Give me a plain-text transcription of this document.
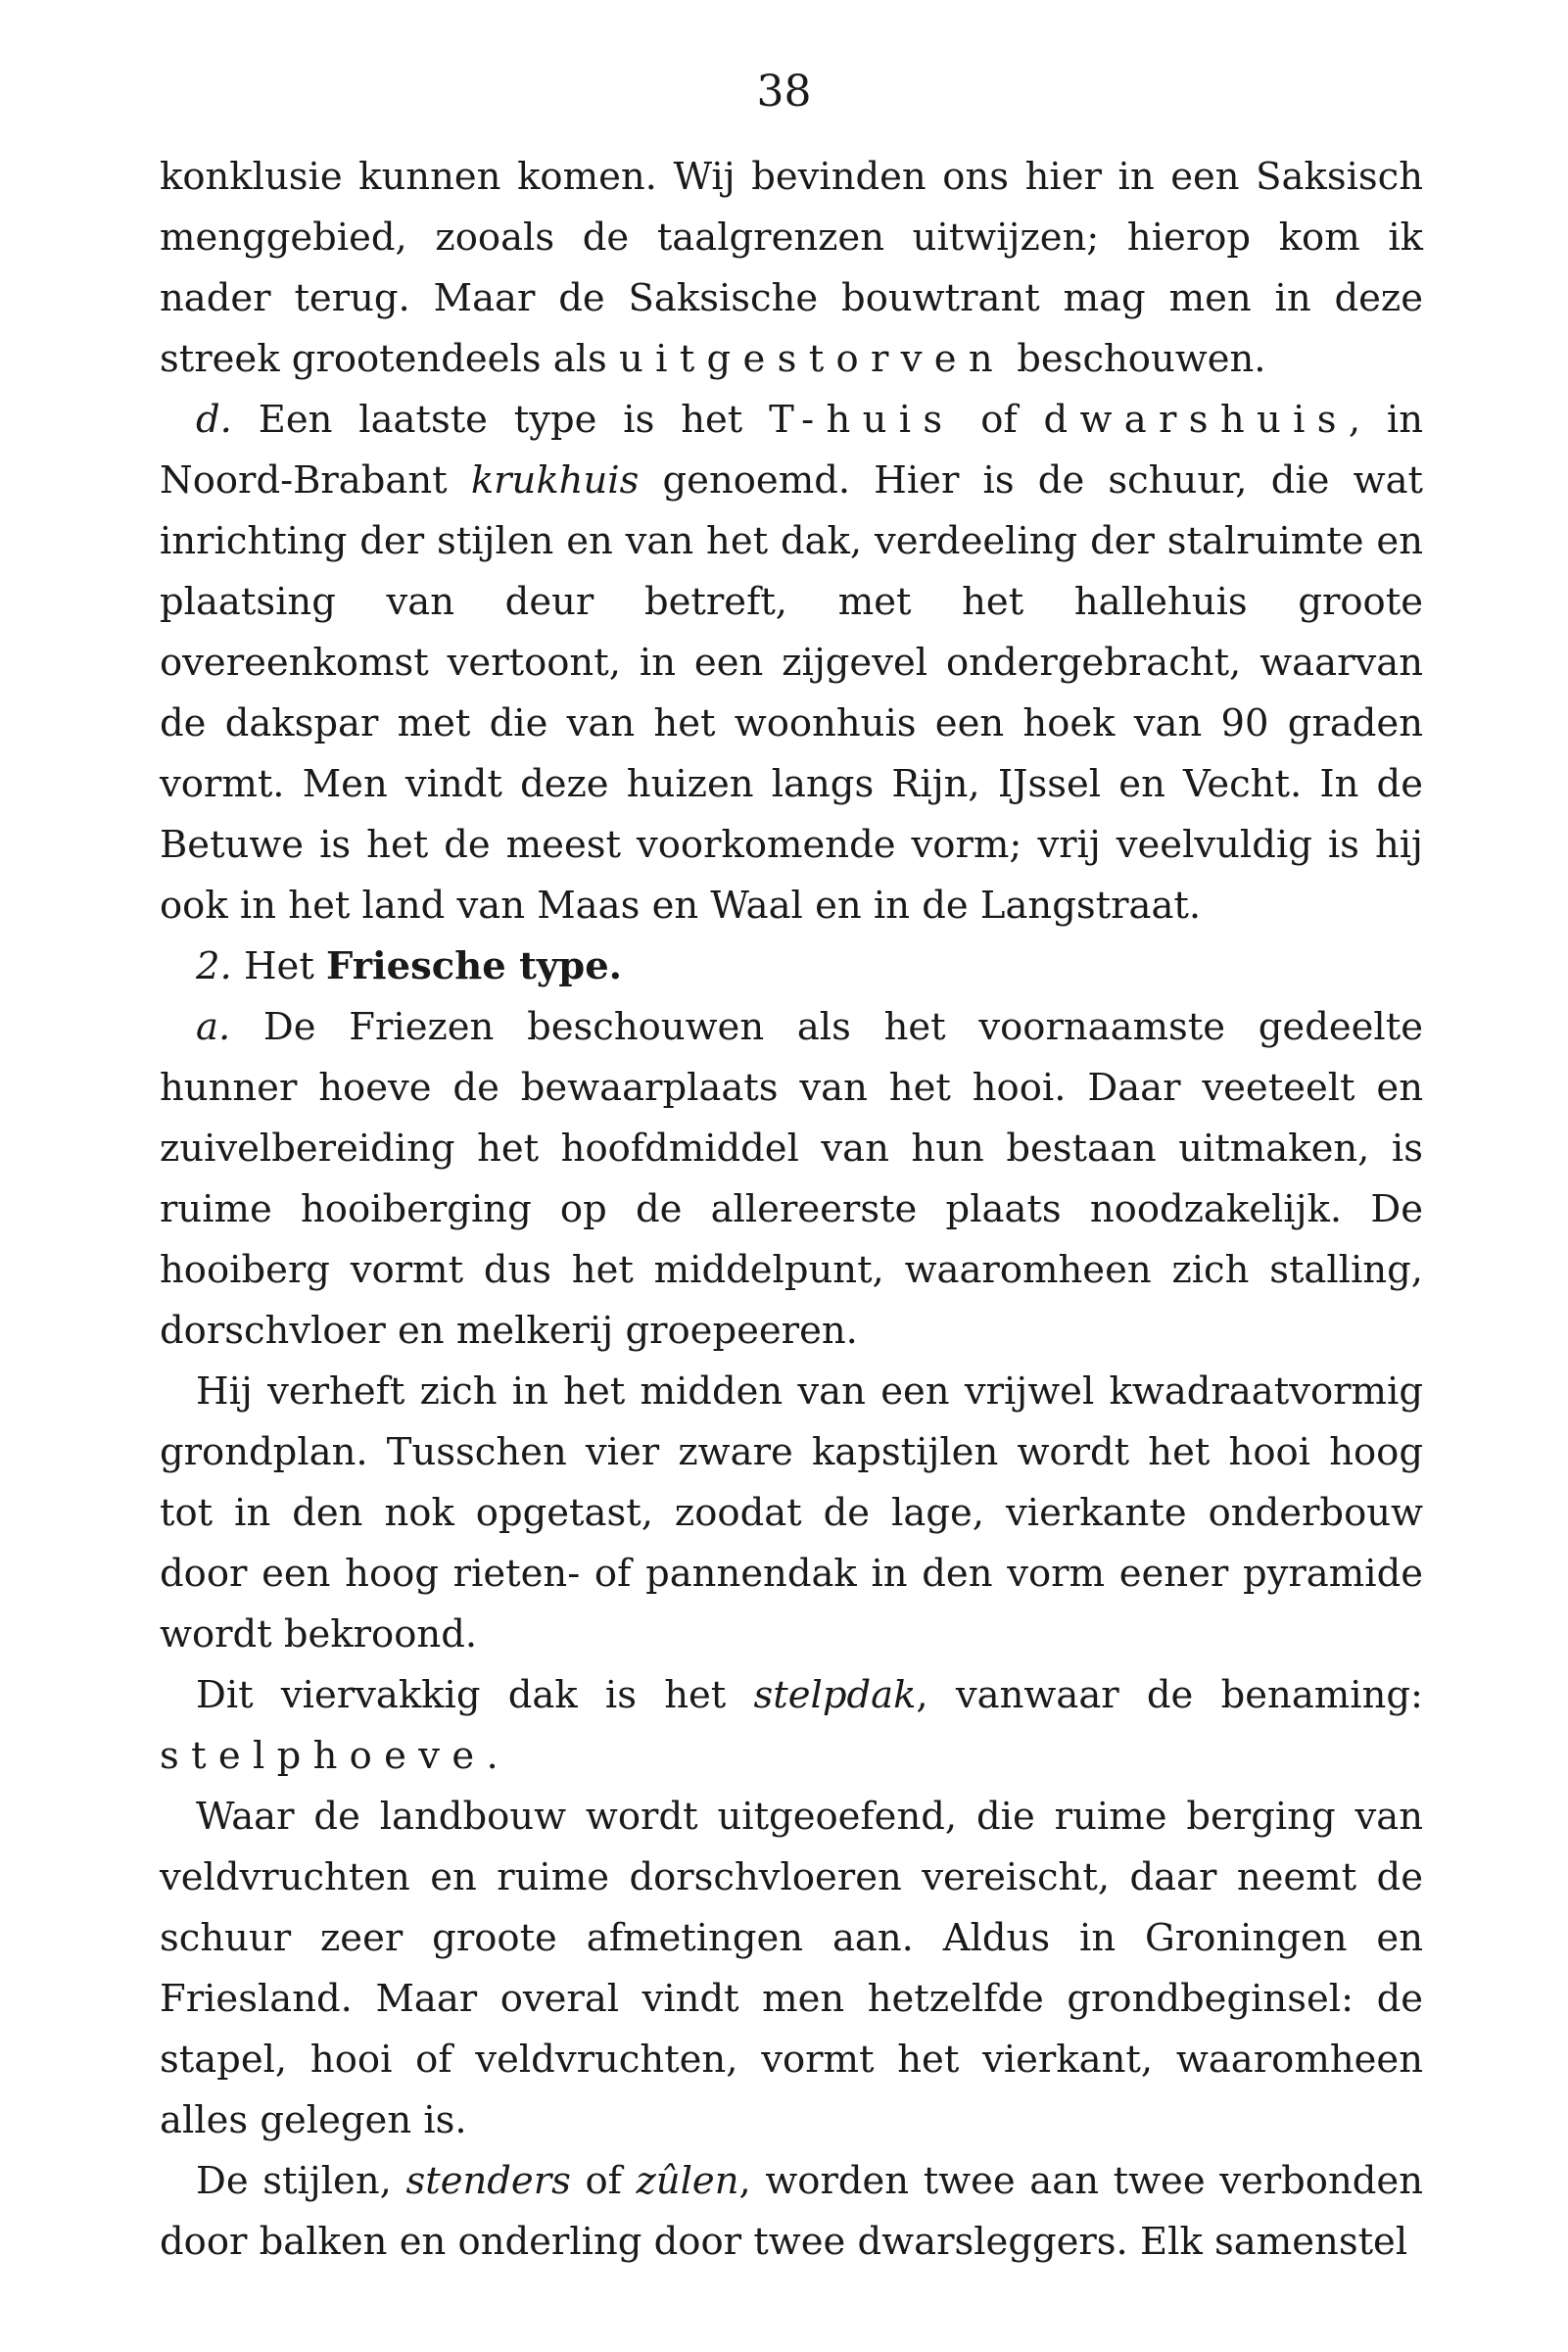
38

konklusie kunnen komen. Wij bevinden ons hier in een Saksisch menggebied, zooals de taalgrenzen uitwijzen; hierop kom ik nader terug. Maar de Saksische bouwtrant mag men in deze streek grootendeels als uitgestorven beschouwen.

d. Een laatste type is het T-huis of dwarshuis, in Noord-Brabant krukhuis genoemd. Hier is de schuur, die wat inrichting der stijlen en van het dak, verdeeling der stalruimte en plaatsing van deur betreft, met het hallehuis groote overeenkomst vertoont, in een zijgevel ondergebracht, waarvan de dakspar met die van het woonhuis een hoek van 90 graden vormt. Men vindt deze huizen langs Rijn, IJssel en Vecht. In de Betuwe is het de meest voorkomende vorm; vrij veelvuldig is hij ook in het land van Maas en Waal en in de Langstraat.

2. Het Friesche type.

a. De Friezen beschouwen als het voornaamste gedeelte hunner hoeve de bewaarplaats van het hooi. Daar veeteelt en zuivelbereiding het hoofdmiddel van hun bestaan uitmaken, is ruime hooiberging op de allereerste plaats noodzakelijk. De hooiberg vormt dus het middelpunt, waaromheen zich stalling, dorschvloer en melkerij groepeeren.

Hij verheft zich in het midden van een vrijwel kwadraatvormig grondplan. Tusschen vier zware kapstijlen wordt het hooi hoog tot in den nok opgetast, zoodat de lage, vierkante onderbouw door een hoog rieten- of pannendak in den vorm eener pyramide wordt bekroond.

Dit viervakkig dak is het stelpdak, vanwaar de benaming: stelphoeve.

Waar de landbouw wordt uitgeoefend, die ruime berging van veldvruchten en ruime dorschvloeren vereischt, daar neemt de schuur zeer groote afmetingen aan. Aldus in Groningen en Friesland. Maar overal vindt men hetzelfde grondbeginsel: de stapel, hooi of veldvruchten, vormt het vierkant, waaromheen alles gelegen is.

De stijlen, stenders of zûlen, worden twee aan twee verbonden door balken en onderling door twee dwarsleggers. Elk samenstel
